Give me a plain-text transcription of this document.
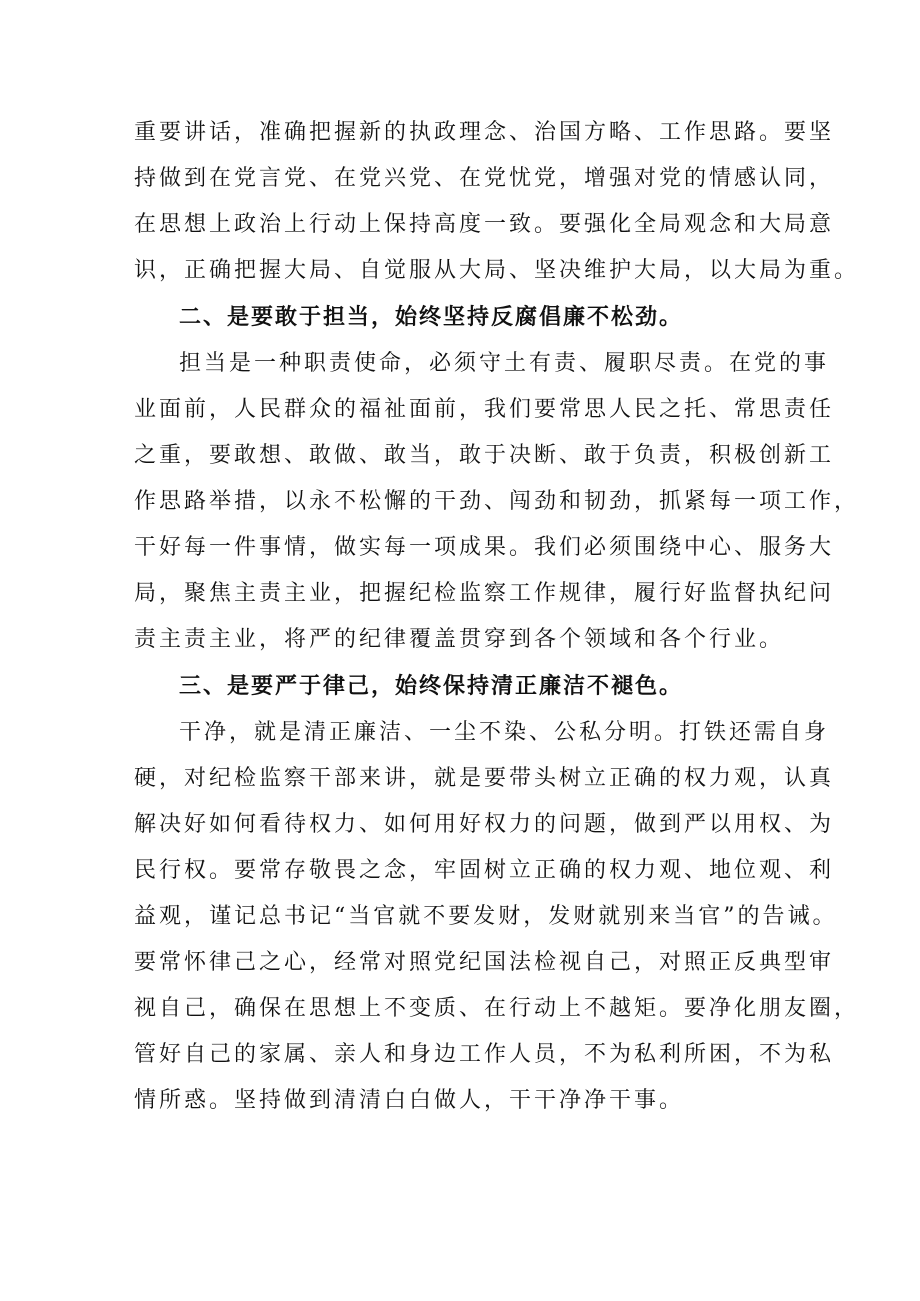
重要讲话，准确把握新的执政理念、治国方略、工作思路。要坚
持做到在党言党、在党兴党、在党忧党，增强对党的情感认同，
在思想上政治上行动上保持高度一致。要强化全局观念和大局意
识，正确把握大局、自觉服从大局、坚决维护大局，以大局为重。
二、是要敢于担当，始终坚持反腐倡廉不松劲。
担当是一种职责使命，必须守土有责、履职尽责。在党的事
业面前，人民群众的福祉面前，我们要常思人民之托、常思责任
之重，要敢想、敢做、敢当，敢于决断、敢于负责，积极创新工
作思路举措，以永不松懈的干劲、闯劲和韧劲，抓紧每一项工作，
干好每一件事情，做实每一项成果。我们必须围绕中心、服务大
局，聚焦主责主业，把握纪检监察工作规律，履行好监督执纪问
责主责主业，将严的纪律覆盖贯穿到各个领域和各个行业。
三、是要严于律己，始终保持清正廉洁不褪色。
干净，就是清正廉洁、一尘不染、公私分明。打铁还需自身
硬，对纪检监察干部来讲，就是要带头树立正确的权力观，认真
解决好如何看待权力、如何用好权力的问题，做到严以用权、为
民行权。要常存敬畏之念，牢固树立正确的权力观、地位观、利
益观，谨记总书记“当官就不要发财，发财就别来当官”的告诫。
要常怀律己之心，经常对照党纪国法检视自己，对照正反典型审
视自己，确保在思想上不变质、在行动上不越矩。要净化朋友圈，
管好自己的家属、亲人和身边工作人员，不为私利所困，不为私
情所惑。坚持做到清清白白做人，干干净净干事。
